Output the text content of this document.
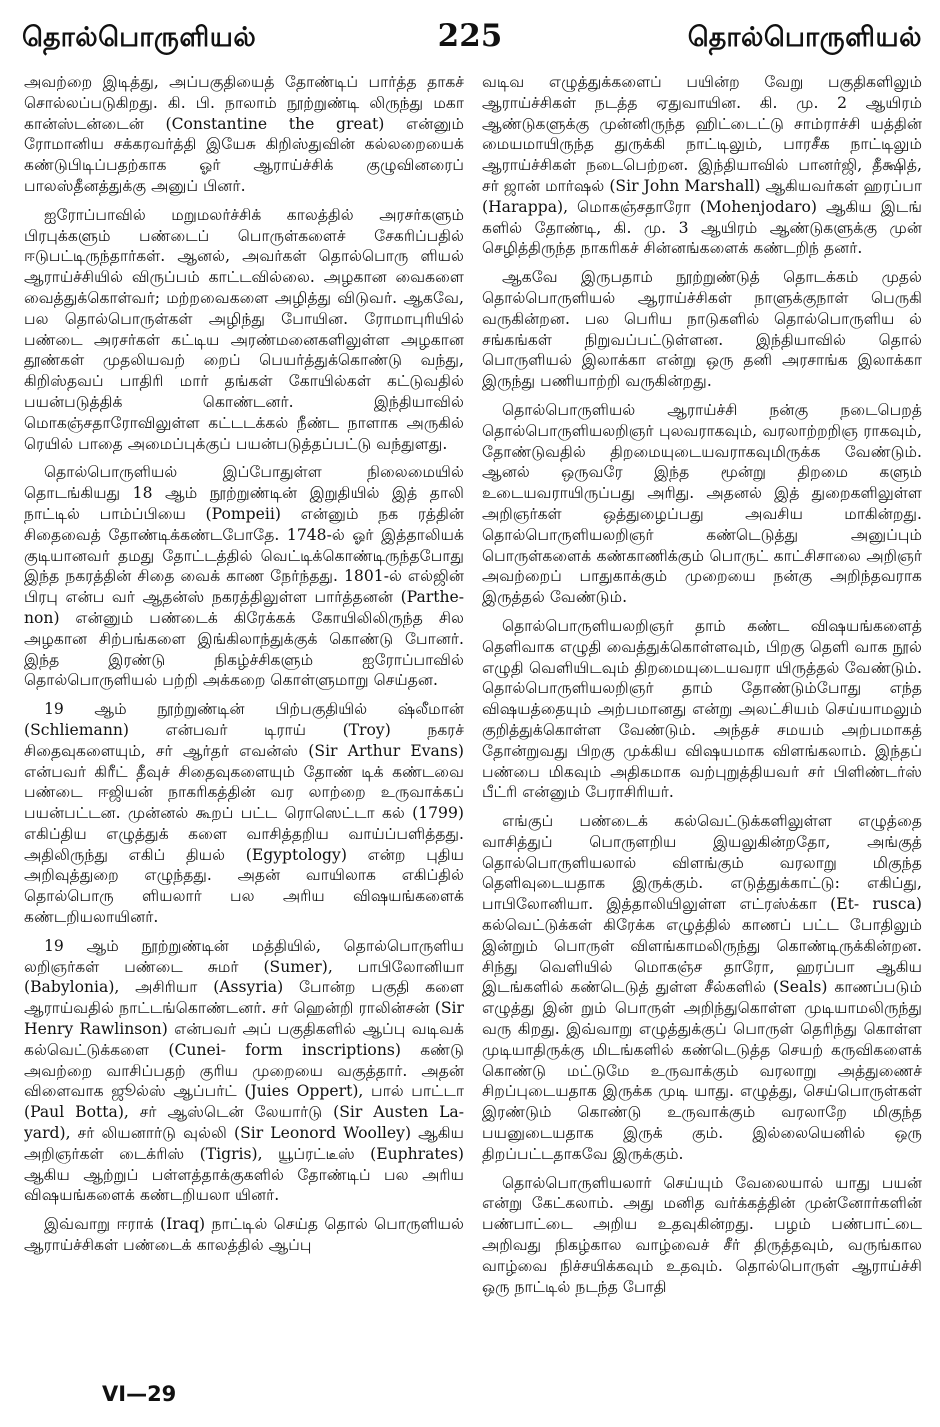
தொல்பொருளியல்	225	தொல்பொருளியல்

அவற்றை இடித்து, அப்பகுதியைத் தோண்டிப் பார்த்த தாகச் சொல்லப்படுகிறது. கி. பி. நாலாம் நூற்றுண்டி லிருந்து மகா கான்ஸ்டன்டைன் (Constantine the great) என்னும் ரோமானிய சக்கரவர்த்தி இயேசு கிறிஸ்துவின் கல்லறையைக் கண்டுபிடிப்பதற்காக ஓர் ஆராய்ச்சிக் குழுவினரைப் பாலஸ்தீனத்துக்கு அனுப் பினர்.

ஐரோப்பாவில் மறுமலர்ச்சிக் காலத்தில் அரசர்களும் பிரபுக்களும் பண்டைப் பொருள்களைச் சேகரிப்பதில் ஈடுபட்டிருந்தார்கள். ஆனல், அவர்கள் தொல்பொரு ளியல் ஆராய்ச்சியில் விருப்பம் காட்டவில்லை. அழகான வைகளை வைத்துக்கொள்வர்; மற்றவைகளை அழித்து விடுவர். ஆகவே, பல தொல்பொருள்கள் அழிந்து போயின. ரோமாபுரியில் பண்டை அரசர்கள் கட்டிய அரண்மனைகளிலுள்ள அழகான தூண்கள் முதலியவற் றைப் பெயர்த்துக்கொண்டு வந்து, கிறிஸ்தவப் பாதிரி மார் தங்கள் கோயில்கள் கட்டுவதில் பயன்படுத்திக் கொண்டனர். இந்தியாவில் மொகஞ்சதாரோவிலுள்ள கட்டடக்கல் நீண்ட நாளாக அருகில் ரெயில் பாதை அமைப்புக்குப் பயன்படுத்தப்பட்டு வந்துளது.

தொல்பொருளியல் இப்போதுள்ள நிலைமையில் தொடங்கியது 18 ஆம் நூற்றுண்டின் இறுதியில் இத் தாலி நாட்டில் பாம்ப்பியை (Pompeii) என்னும் நக ரத்தின் சிதைவைத் தோண்டிக்கண்டபோதே. 1748-ல் ஓர் இத்தாலியக் குடியானவர் தமது தோட்டத்தில் வெட்டிக்கொண்டிருந்தபோது இந்த நகரத்தின் சிதை வைக் காண நேர்ந்தது. 1801-ல் எல்ஜின் பிரபு என்ப வர் ஆதன்ஸ் நகரத்திலுள்ள பார்த்தனன் (Parthe- non) என்னும் பண்டைக் கிரேக்கக் கோயிலிலிருந்த சில அழகான சிற்பங்களை இங்கிலாந்துக்குக் கொண்டு போனர். இந்த இரண்டு நிகழ்ச்சிகளும் ஐரோப்பாவில் தொல்பொருளியல் பற்றி அக்கறை கொள்ளுமாறு செய்தன.

19 ஆம் நூற்றுண்டின் பிற்பகுதியில் ஷ்லீமான் (Schliemann) என்பவர் டிராய் (Troy) நகரச் சிதைவுகளையும், சர் ஆர்தர் எவன்ஸ் (Sir Arthur Evans) என்பவர் கிரீட் தீவுச் சிதைவுகளையும் தோண் டிக் கண்டவை பண்டை ஈஜியன் நாகரிகத்தின் வர லாற்றை உருவாக்கப் பயன்பட்டன. முன்னல் கூறப் பட்ட ரொஸெட்டா கல் (1799) எகிப்திய எழுத்துக் களை வாசித்தறிய வாய்ப்பளித்தது. அதிலிருந்து எகிப் தியல் (Egyptology) என்ற புதிய அறிவுத்துறை எழுந்தது. அதன் வாயிலாக எகிப்தில் தொல்பொரு ளியலார் பல அரிய விஷயங்களைக் கண்டறியலாயினர்.

19 ஆம் நூற்றுண்டின் மத்தியில், தொல்பொருளிய லறிஞர்கள் பண்டை சுமர் (Sumer), பாபிலோனியா (Babylonia), அசிரியா (Assyria) போன்ற பகுதி களை ஆராய்வதில் நாட்டங்கொண்டனர். சர் ஹென்றி ராலின்சன் (Sir Henry Rawlinson) என்பவர் அப் பகுதிகளில் ஆப்பு வடிவக் கல்வெட்டுக்களை (Cunei- form inscriptions) கண்டு அவற்றை வாசிப்பதற் குரிய முறையை வகுத்தார். அதன் விளைவாக ஜூல்ஸ் ஆப்பர்ட் (Juies Oppert), பால் பாட்டா (Paul Botta), சர் ஆஸ்டென் லேயார்டு (Sir Austen La- yard), சர் லியனார்டு வுல்லி (Sir Leonord Woolley) ஆகிய அறிஞர்கள் டைக்ரிஸ் (Tigris), யூப்ரட்டீஸ் (Euphrates) ஆகிய ஆற்றுப் பள்ளத்தாக்குகளில் தோண்டிப் பல அரிய விஷயங்களைக் கண்டறியலா யினர்.

இவ்வாறு ஈராக் (Iraq) நாட்டில் செய்த தொல் பொருளியல் ஆராய்ச்சிகள் பண்டைக் காலத்தில் ஆப்பு

வடிவ எழுத்துக்களைப் பயின்ற வேறு பகுதிகளிலும் ஆராய்ச்சிகள் நடத்த ஏதுவாயின. கி. மு. 2 ஆயிரம் ஆண்டுகளுக்கு முன்னிருந்த ஹிட்டைட்டு சாம்ராச்சி யத்தின் மையமாயிருந்த துருக்கி நாட்டிலும், பாரசீக நாட்டிலும் ஆராய்ச்சிகள் நடைபெற்றன. இந்தியாவில் பானர்ஜி, தீக்ஷித், சர் ஜான் மார்ஷல் (Sir John Marshall) ஆகியவர்கள் ஹரப்பா (Harappa), மொகஞ்சதாரோ (Mohenjodaro) ஆகிய இடங் களில் தோண்டி, கி. மு. 3 ஆயிரம் ஆண்டுகளுக்கு முன் செழித்திருந்த நாகரிகச் சின்னங்களைக் கண்டறிந் தனர்.

ஆகவே இருபதாம் நூற்றுண்டுத் தொடக்கம் முதல் தொல்பொருளியல் ஆராய்ச்சிகள் நாளுக்குநாள் பெருகி வருகின்றன. பல பெரிய நாடுகளில் தொல்பொருளிய ல் சங்கங்கள் நிறுவப்பட்டுள்ளன. இந்தியாவில் தொல் பொருளியல் இலாக்கா என்று ஒரு தனி அரசாங்க இலாக்கா இருந்து பணியாற்றி வருகின்றது.

தொல்பொருளியல் ஆராய்ச்சி நன்கு நடைபெறத் தொல்பொருளியலறிஞர் புலவராகவும், வரலாற்றறிஞ ராகவும், தோண்டுவதில் திறமையுடையவராகவுமிருக்க வேண்டும். ஆனல் ஒருவரே இந்த மூன்று திறமை களும் உடையவராயிருப்பது அரிது. அதனல் இத் துறைகளிலுள்ள அறிஞர்கள் ஒத்துழைப்பது அவசிய மாகின்றது. தொல்பொருளியலறிஞர் கண்டெடுத்து அனுப்பும் பொருள்களைக் கண்காணிக்கும் பொருட் காட்சிசாலை அறிஞர் அவற்றைப் பாதுகாக்கும் முறையை நன்கு அறிந்தவராக இருத்தல் வேண்டும்.

தொல்பொருளியலறிஞர் தாம் கண்ட விஷயங்களைத் தெளிவாக எழுதி வைத்துக்கொள்ளவும், பிறகு தெளி வாக நூல் எழுதி வெளியிடவும் திறமையுடையவரா யிருத்தல் வேண்டும். தொல்பொருளியலறிஞர் தாம் தோண்டும்போது எந்த விஷயத்தையும் அற்பமானது என்று அலட்சியம் செய்யாமலும் குறித்துக்கொள்ள வேண்டும். அந்தச் சமயம் அற்பமாகத் தோன்றுவது பிறகு முக்கிய விஷயமாக விளங்கலாம். இந்தப் பண்பை மிகவும் அதிகமாக வற்புறுத்தியவர் சர் பிளிண்டர்ஸ் பீட்ரி என்னும் பேராசிரியர்.

எங்குப் பண்டைக் கல்வெட்டுக்களிலுள்ள எழுத்தை வாசித்துப் பொருளறிய இயலுகின்றதோ, அங்குத் தொல்பொருளியலால் விளங்கும் வரலாறு மிகுந்த தெளிவுடையதாக இருக்கும். எடுத்துக்காட்டு: எகிப்து, பாபிலோனியா. இத்தாலியிலுள்ள எட்ரஸ்க்கா (Et- rusca) கல்வெட்டுக்கள் கிரேக்க எழுத்தில் காணப் பட்ட போதிலும் இன்றும் பொருள் விளங்காமலிருந்து கொண்டிருக்கின்றன. சிந்து வெளியில் மொகஞ்ச தாரோ, ஹரப்பா ஆகிய இடங்களில் கண்டெடுத் துள்ள சீல்களில் (Seals) காணப்படும் எழுத்து இன் றும் பொருள் அறிந்துகொள்ள முடியாமலிருந்து வரு கிறது. இவ்வாறு எழுத்துக்குப் பொருள் தெரிந்து கொள்ள முடியாதிருக்கு மிடங்களில் கண்டெடுத்த செயற் கருவிகளைக் கொண்டு மட்டுமே உருவாக்கும் வரலாறு அத்துணைச் சிறப்புடையதாக இருக்க முடி யாது. எழுத்து, செய்பொருள்கள் இரண்டும் கொண்டு உருவாக்கும் வரலாறே மிகுந்த பயனுடையதாக இருக் கும். இல்லையெனில் ஒரு திறப்பட்டதாகவே இருக்கும்.

தொல்பொருளியலார் செய்யும் வேலையால் யாது பயன் என்று கேட்கலாம். அது மனித வர்க்கத்தின் முன்னோர்களின் பண்பாட்டை அறிய உதவுகின்றது. பழம் பண்பாட்டை அறிவது நிகழ்கால வாழ்வைச் சீர் திருத்தவும், வருங்கால வாழ்வை நிச்சயிக்கவும் உதவும். தொல்பொருள் ஆராய்ச்சி ஒரு நாட்டில் நடந்த போதி

VI—29
